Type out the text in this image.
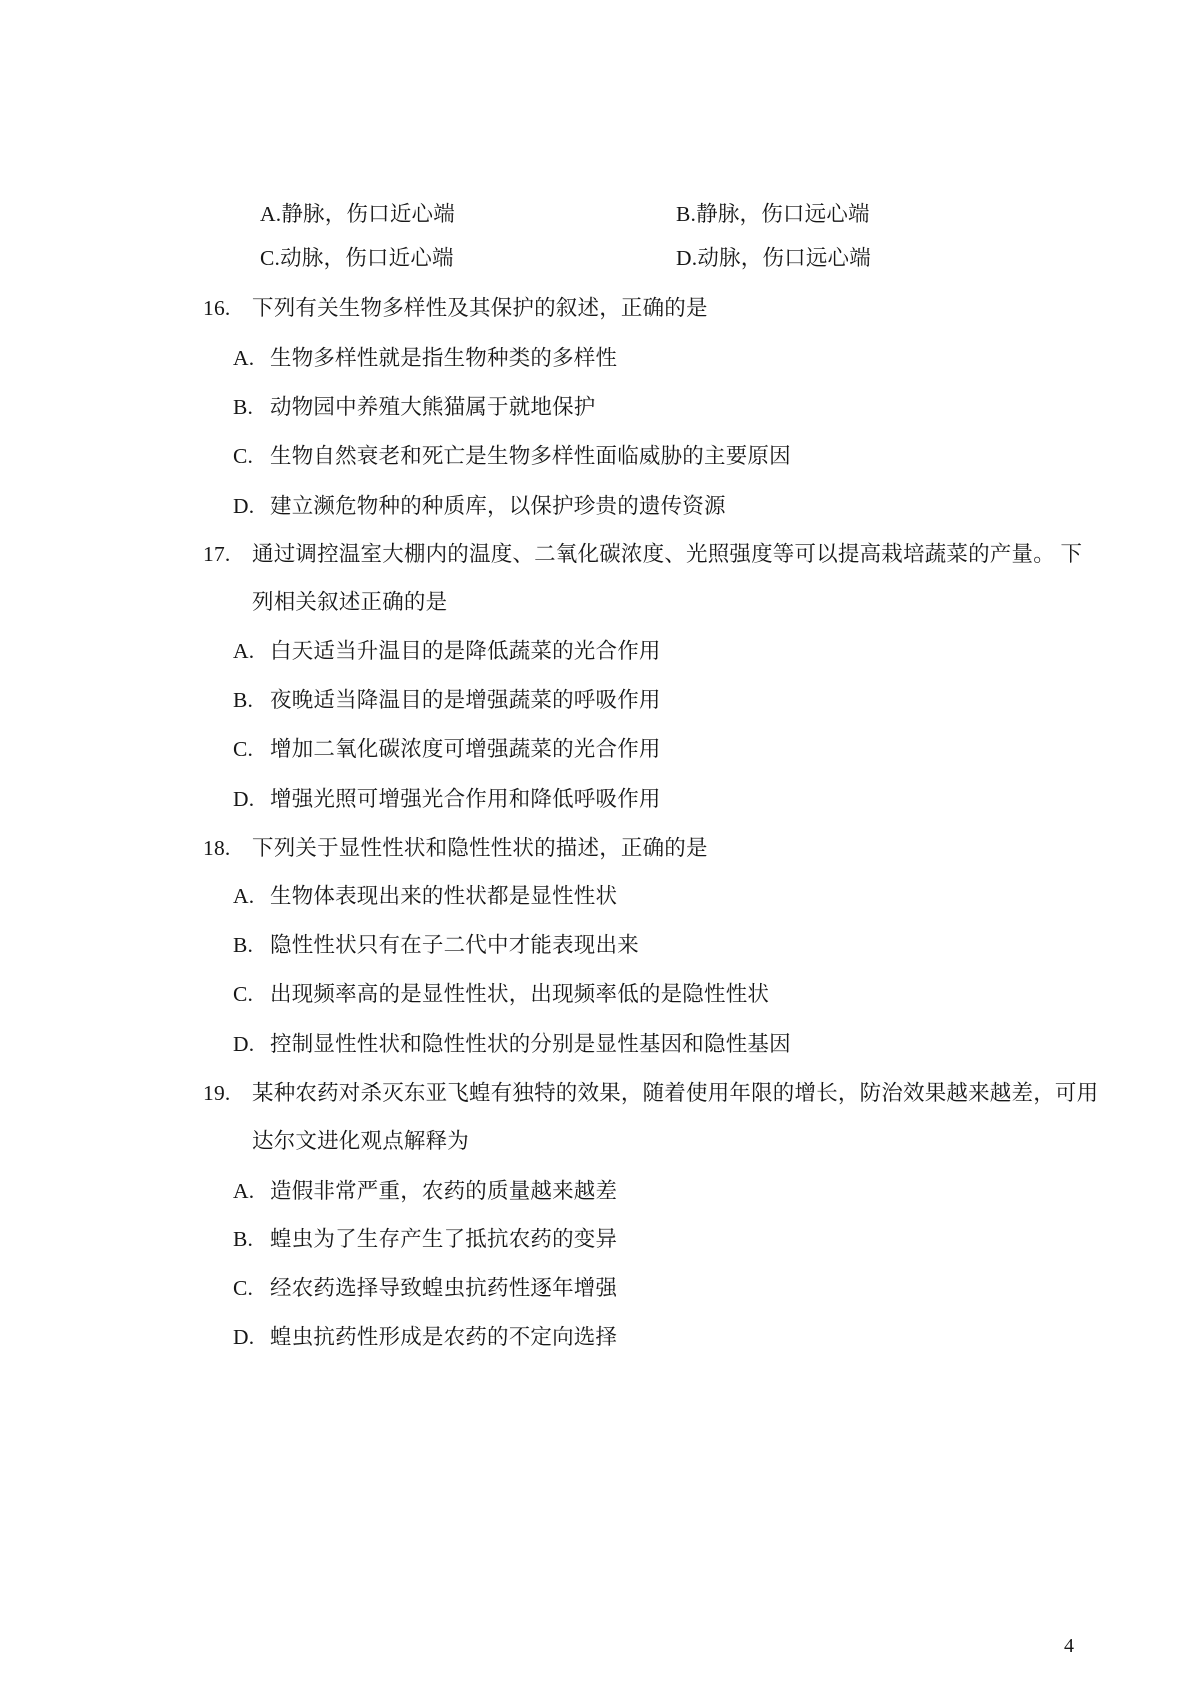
A.静脉，伤口近心端	B.静脉，伤口远心端
C.动脉，伤口近心端	D.动脉，伤口远心端
16. 下列有关生物多样性及其保护的叙述，正确的是
A. 生物多样性就是指生物种类的多样性
B. 动物园中养殖大熊猫属于就地保护
C. 生物自然衰老和死亡是生物多样性面临威胁的主要原因
D. 建立濒危物种的种质库，以保护珍贵的遗传资源
17. 通过调控温室大棚内的温度、二氧化碳浓度、光照强度等可以提高栽培蔬菜的产量。 下
列相关叙述正确的是
A. 白天适当升温目的是降低蔬菜的光合作用
B. 夜晚适当降温目的是增强蔬菜的呼吸作用
C. 增加二氧化碳浓度可增强蔬菜的光合作用
D. 增强光照可增强光合作用和降低呼吸作用
18. 下列关于显性性状和隐性性状的描述，正确的是
A. 生物体表现出来的性状都是显性性状
B. 隐性性状只有在子二代中才能表现出来
C. 出现频率高的是显性性状，出现频率低的是隐性性状
D. 控制显性性状和隐性性状的分别是显性基因和隐性基因
19. 某种农药对杀灭东亚飞蝗有独特的效果，随着使用年限的增长，防治效果越来越差，可用
达尔文进化观点解释为
A. 造假非常严重，农药的质量越来越差
B. 蝗虫为了生存产生了抵抗农药的变异
C. 经农药选择导致蝗虫抗药性逐年增强
D. 蝗虫抗药性形成是农药的不定向选择
4
